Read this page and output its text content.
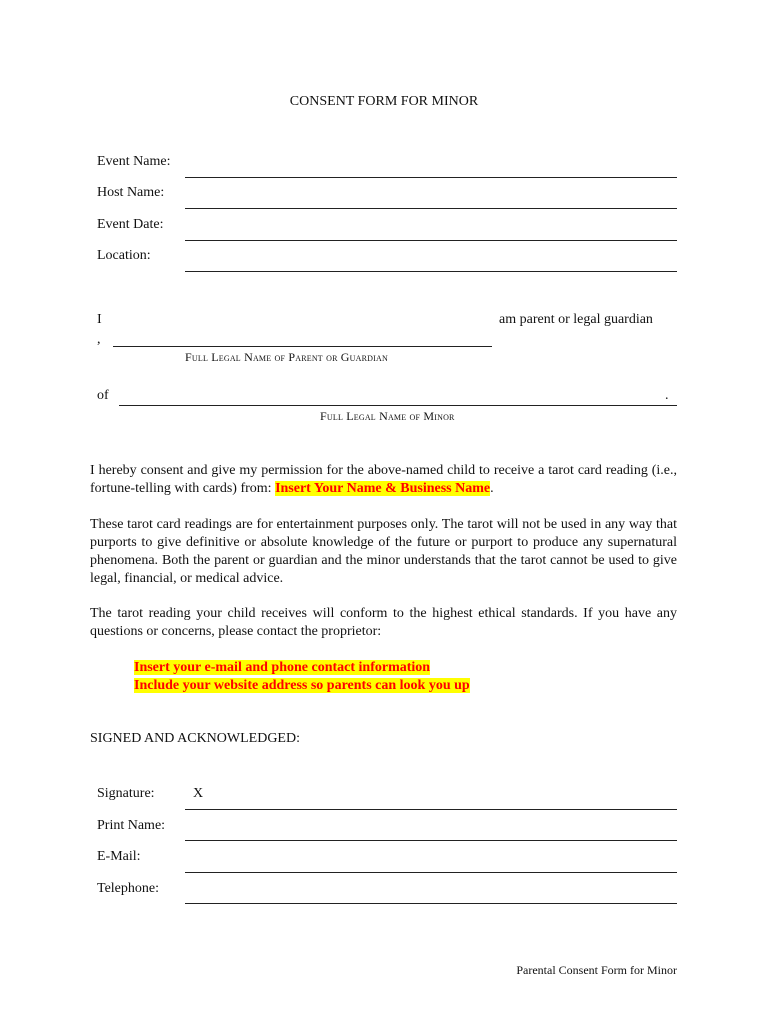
CONSENT FORM FOR MINOR
Event Name:
Host Name:
Event Date:
Location:
I
,
am parent or legal guardian
Full Legal Name of Parent or Guardian
of	.
Full Legal Name of Minor
I hereby consent and give my permission for the above-named child to receive a tarot card reading (i.e., fortune-telling with cards) from: Insert Your Name & Business Name.
These tarot card readings are for entertainment purposes only. The tarot will not be used in any way that purports to give definitive or absolute knowledge of the future or purport to produce any supernatural phenomena. Both the parent or guardian and the minor understands that the tarot cannot be used to give legal, financial, or medical advice.
The tarot reading your child receives will conform to the highest ethical standards. If you have any questions or concerns, please contact the proprietor:
Insert your e-mail and phone contact information
Include your website address so parents can look you up
SIGNED AND ACKNOWLEDGED:
Signature:	X
Print Name:
E-Mail:
Telephone:
Parental Consent Form for Minor
